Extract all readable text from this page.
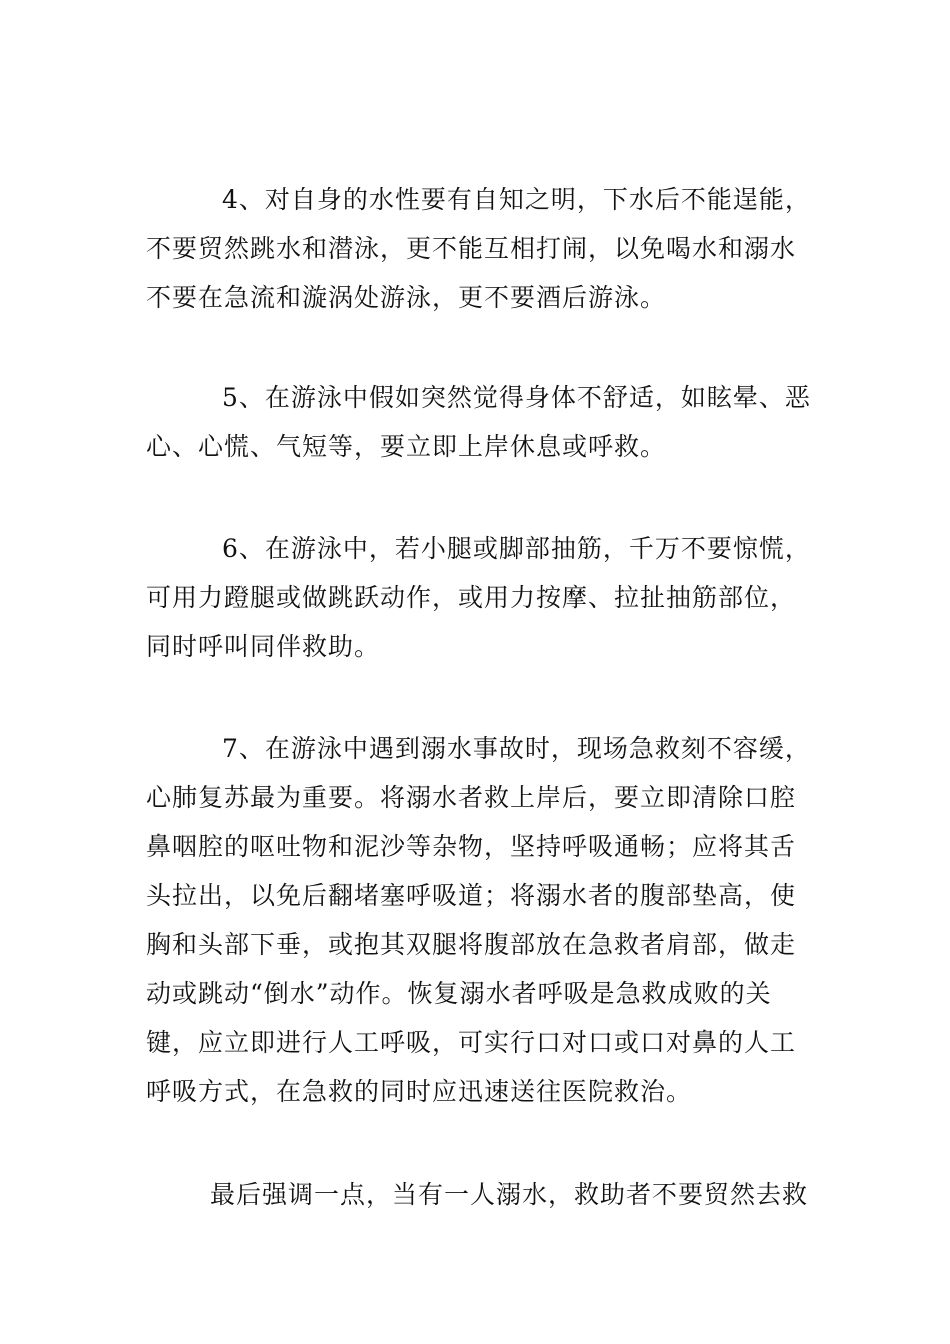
4、对自身的水性要有自知之明，下水后不能逞能，
不要贸然跳水和潜泳，更不能互相打闹，以免喝水和溺水
不要在急流和漩涡处游泳，更不要酒后游泳。
5、在游泳中假如突然觉得身体不舒适，如眩晕、恶
心、心慌、气短等，要立即上岸休息或呼救。
6、在游泳中，若小腿或脚部抽筋，千万不要惊慌，
可用力蹬腿或做跳跃动作，或用力按摩、拉扯抽筋部位，
同时呼叫同伴救助。
7、在游泳中遇到溺水事故时，现场急救刻不容缓，
心肺复苏最为重要。将溺水者救上岸后，要立即清除口腔
鼻咽腔的呕吐物和泥沙等杂物，坚持呼吸通畅；应将其舌
头拉出，以免后翻堵塞呼吸道；将溺水者的腹部垫高，使
胸和头部下垂，或抱其双腿将腹部放在急救者肩部，做走
动或跳动“倒水”动作。恢复溺水者呼吸是急救成败的关
键，应立即进行人工呼吸，可实行口对口或口对鼻的人工
呼吸方式，在急救的同时应迅速送往医院救治。
最后强调一点，当有一人溺水，救助者不要贸然去救
